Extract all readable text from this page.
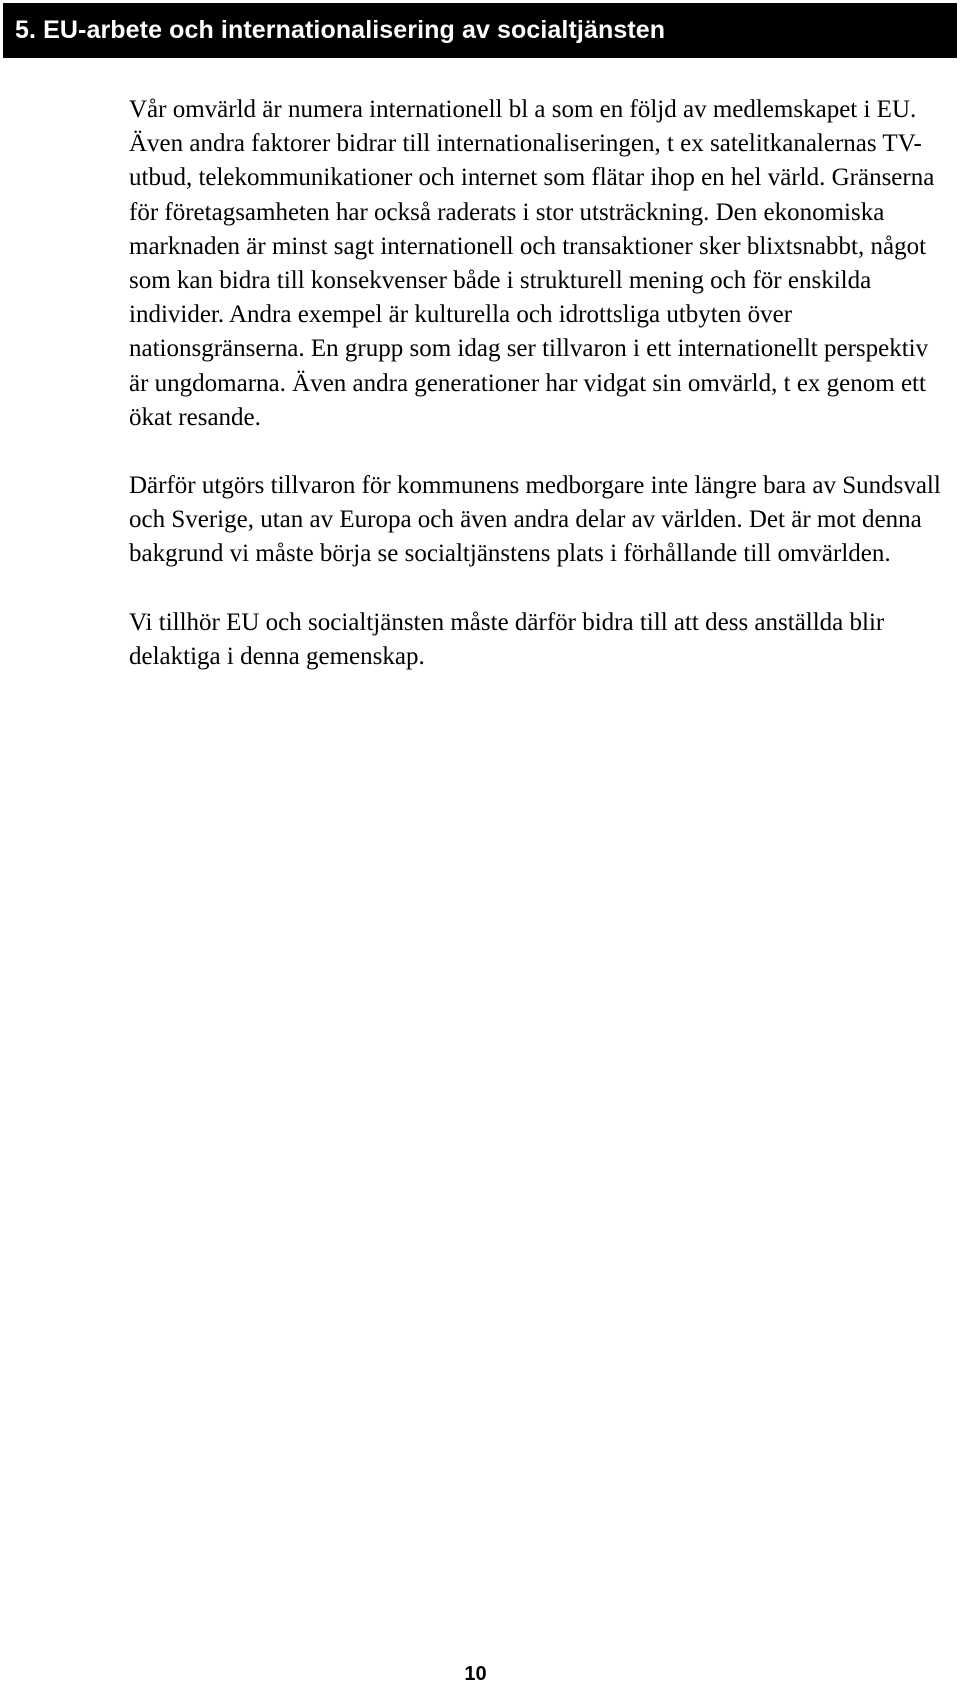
5. EU-arbete och internationalisering av socialtjänsten

Vår omvärld är numera internationell bl a som en följd av medlemskapet i EU. Även andra faktorer bidrar till internationaliseringen, t ex satelitkanalernas TV-utbud, telekommunikationer och internet som flätar ihop en hel värld. Gränserna för företagsamheten har också raderats i stor utsträckning. Den ekonomiska marknaden är minst sagt internationell och transaktioner sker blixtsnabbt, något som kan bidra till konsekvenser både i strukturell mening och för enskilda individer. Andra exempel är kulturella och idrottsliga utbyten över nationsgränserna. En grupp som idag ser tillvaron i ett internationellt perspektiv är ungdomarna. Även andra generationer har vidgat sin omvärld, t ex genom ett ökat resande.

Därför utgörs tillvaron för kommunens medborgare inte längre bara av Sundsvall och Sverige, utan av Europa och även andra delar av världen. Det är mot denna bakgrund vi måste börja se socialtjänstens plats i förhållande till omvärlden.

Vi tillhör EU och socialtjänsten måste därför bidra till att dess anställda blir delaktiga i denna gemenskap.

10
